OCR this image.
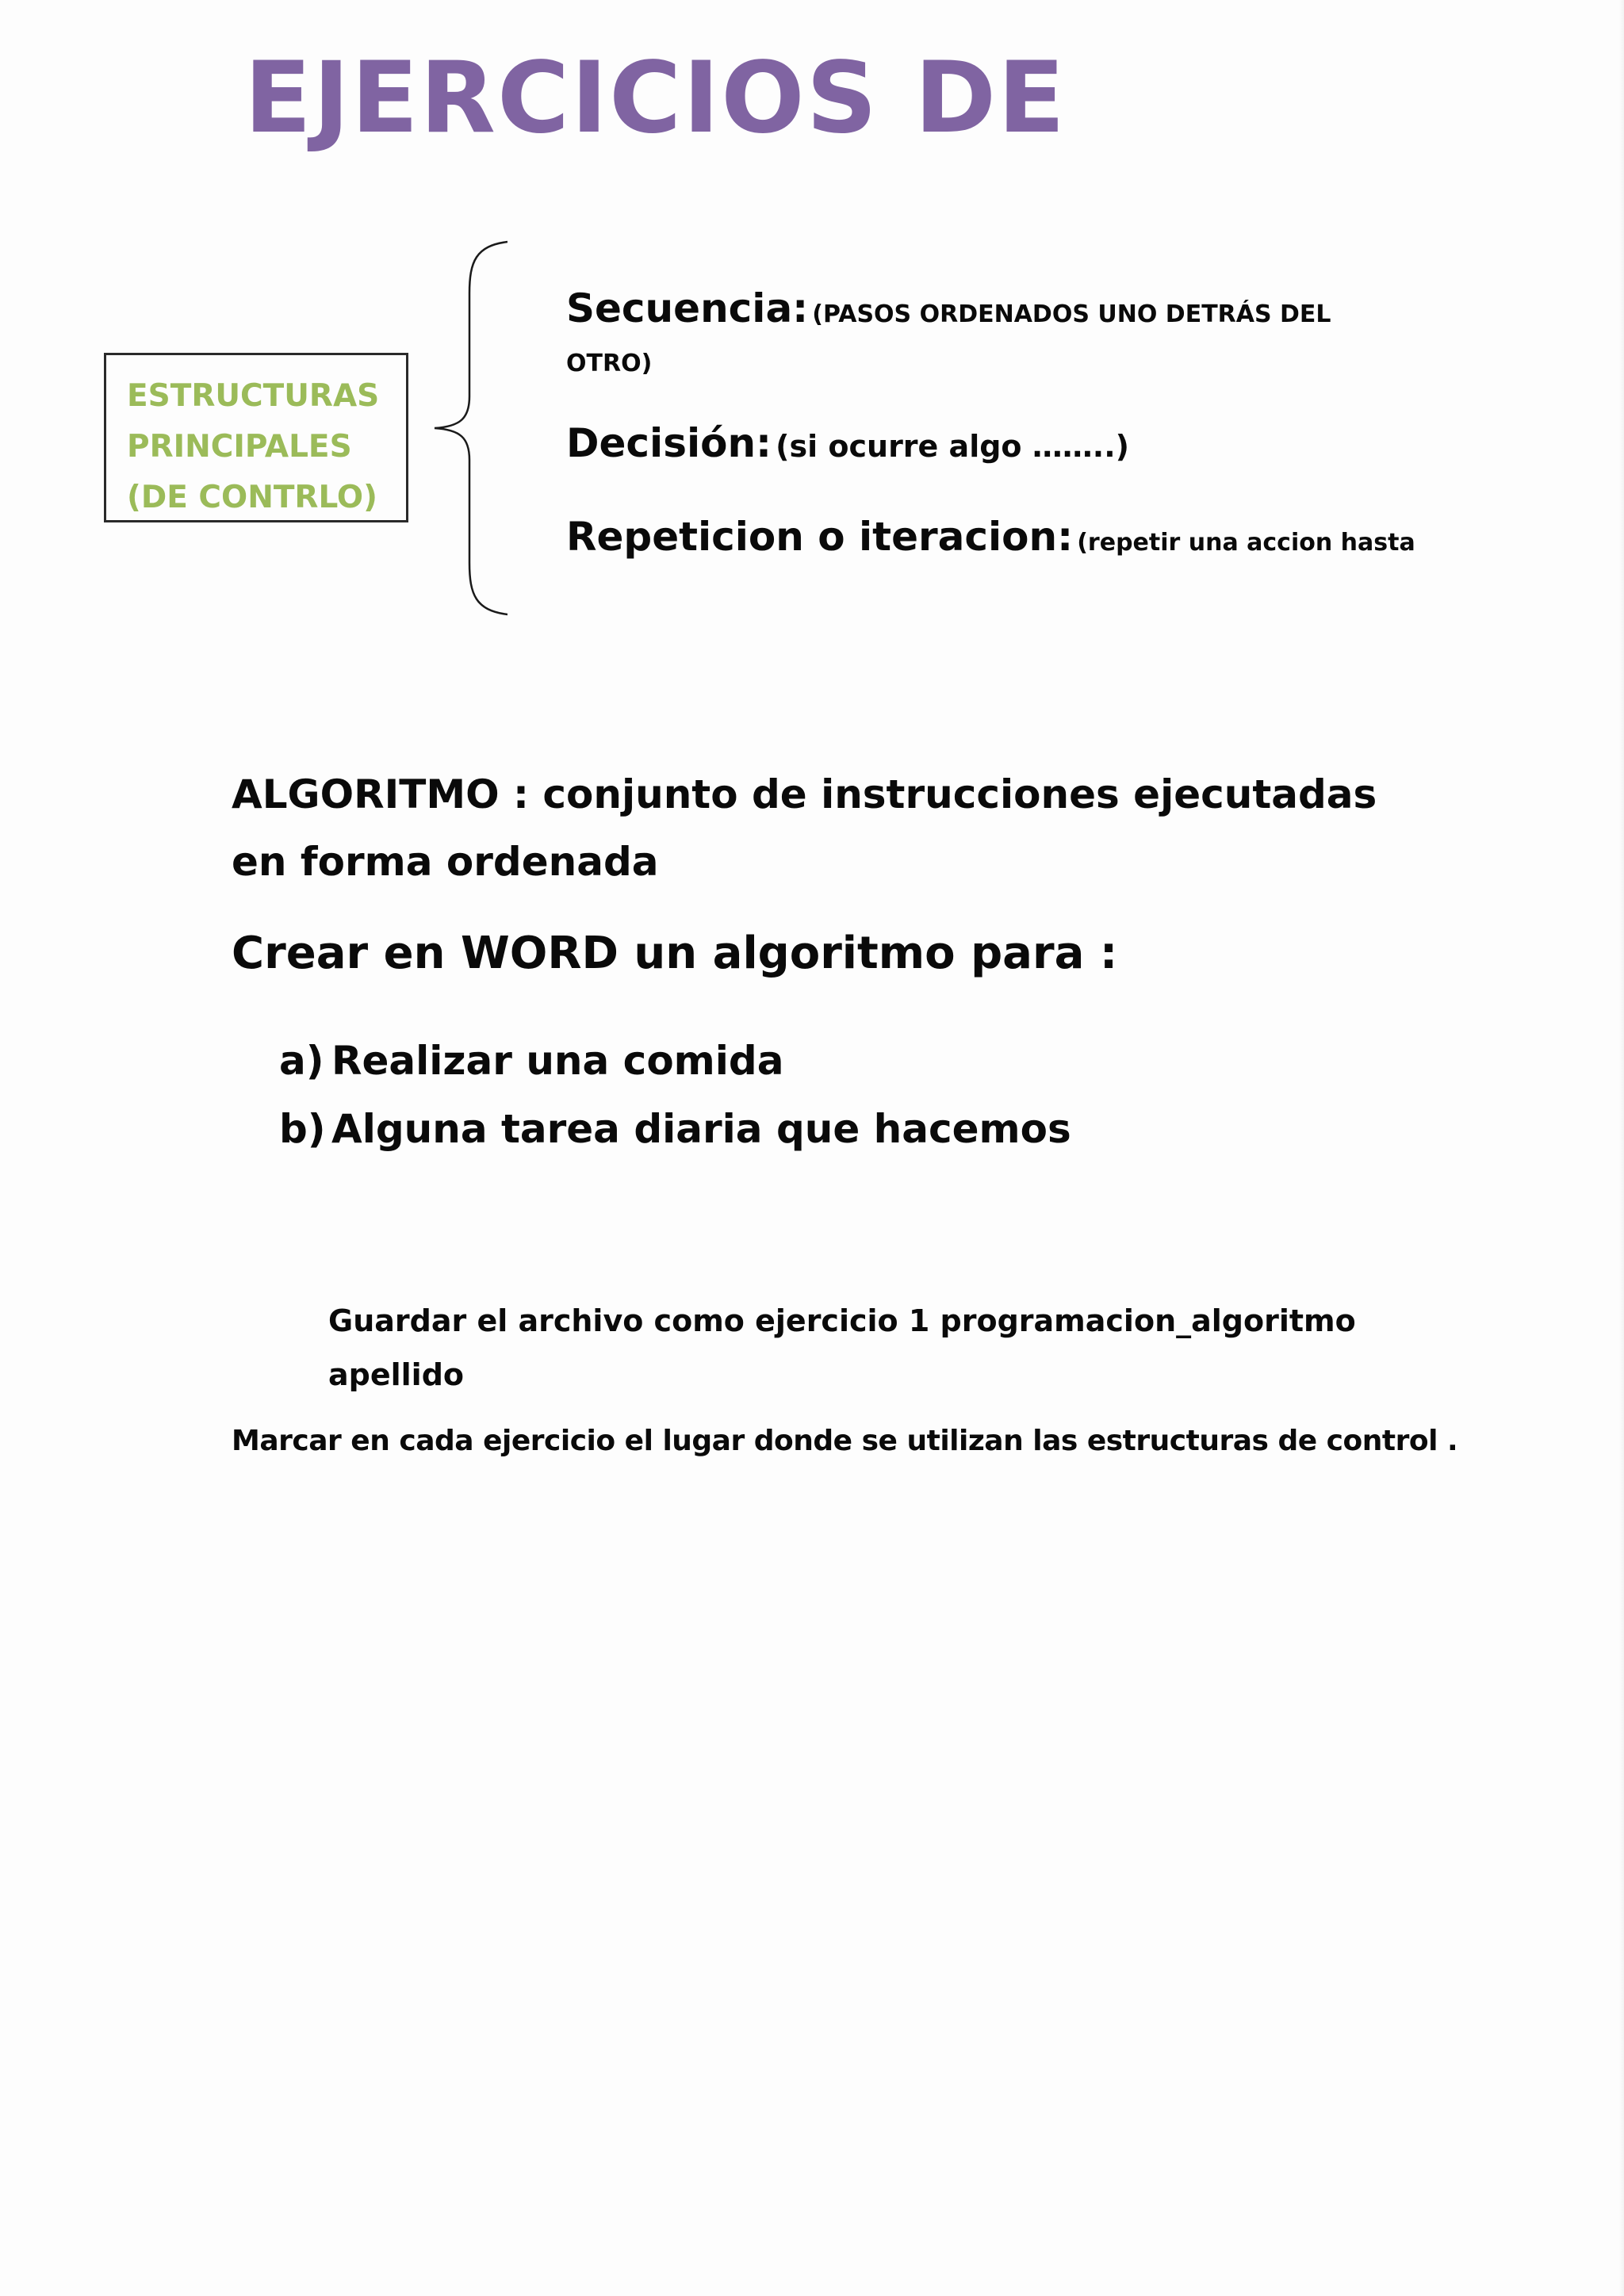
EJERCICIOS DE
ESTRUCTURAS
PRINCIPALES
(DE CONTRLO)
Secuencia: (PASOS ORDENADOS UNO DETRÁS DEL
OTRO)
Decisión: (si ocurre algo ……..)
Repeticion o iteracion: (repetir una accion hasta
ALGORITMO : conjunto de instrucciones ejecutadas
en forma ordenada
Crear en WORD un algoritmo para :
a) Realizar una comida
b) Alguna tarea diaria que hacemos
Guardar el archivo como ejercicio 1 programacion_algoritmo
apellido
Marcar en cada ejercicio el lugar donde se utilizan las estructuras de control .
